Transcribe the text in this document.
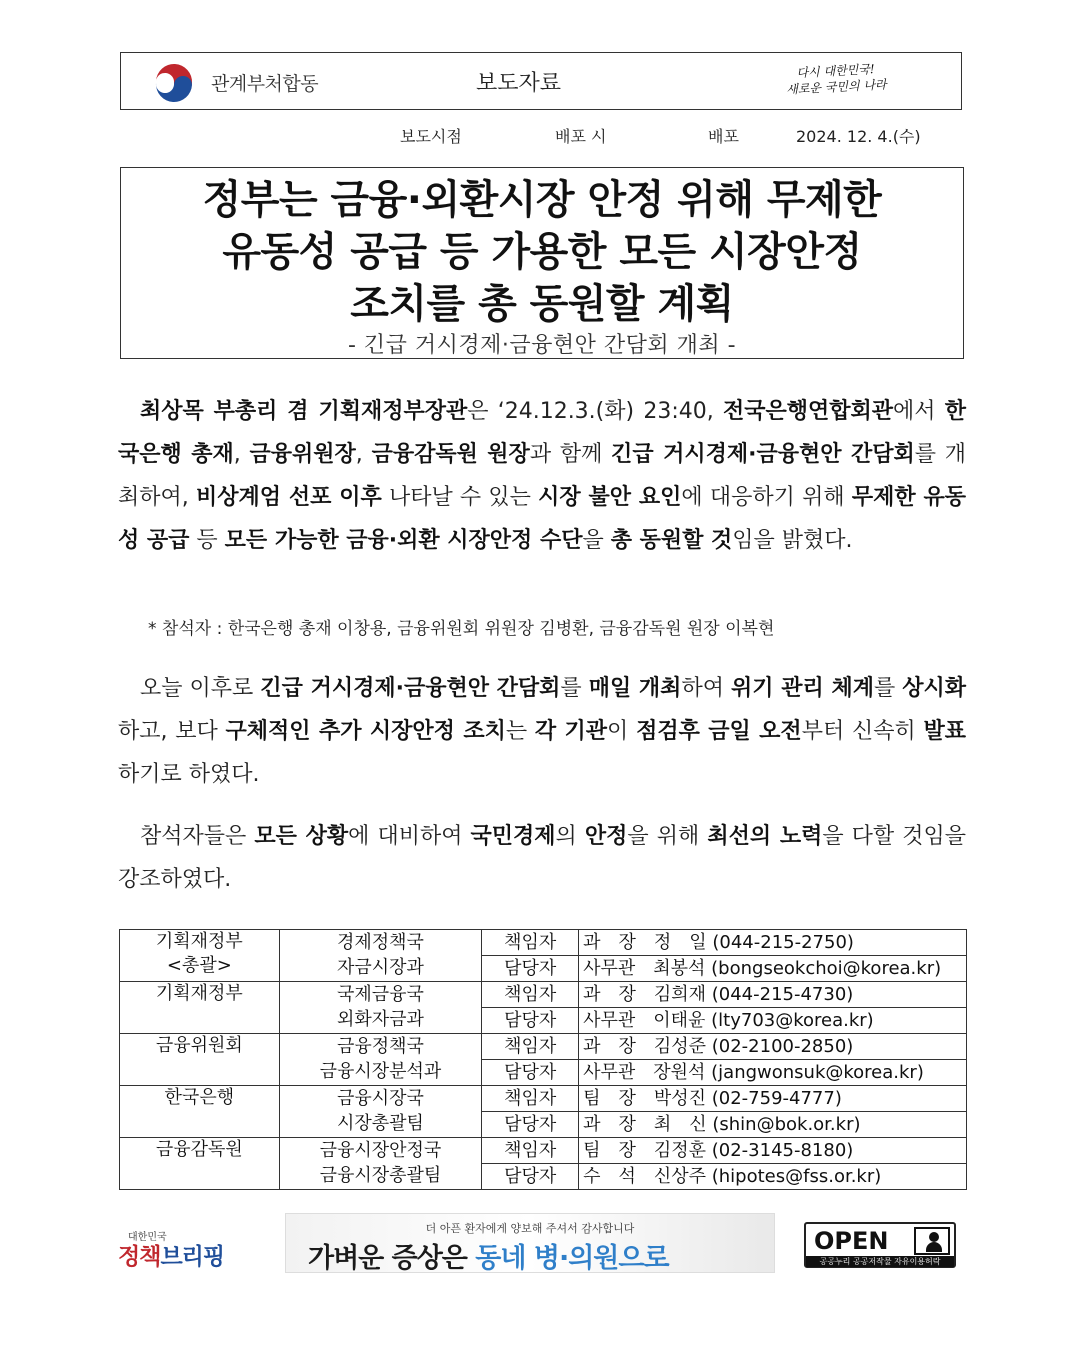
관계부처합동	보도자료	다시 대한민국!
새로운 국민의 나라
보도시점	배포 시	배포	2024. 12. 4.(수)
정부는 금융·외환시장 안정 위해 무제한
유동성 공급 등 가용한 모든 시장안정
조치를 총 동원할 계획
- 긴급 거시경제·금융현안 간담회 개최 -
최상목 부총리 겸 기획재정부장관은 ‘24.12.3.(화) 23:40, 전국은행연합회관에서 한국은행 총재, 금융위원장, 금융감독원 원장과 함께 긴급 거시경제·금융현안 간담회를 개최하여, 비상계엄 선포 이후 나타날 수 있는 시장 불안 요인에 대응하기 위해 무제한 유동성 공급 등 모든 가능한 금융·외환 시장안정 수단을 총 동원할 것임을 밝혔다.
* 참석자 : 한국은행 총재 이창용, 금융위원회 위원장 김병환, 금융감독원 원장 이복현
오늘 이후로 긴급 거시경제·금융현안 간담회를 매일 개최하여 위기 관리 체계를 상시화하고, 보다 구체적인 추가 시장안정 조치는 각 기관이 점검후 금일 오전부터 신속히 발표하기로 하였다.
참석자들은 모든 상황에 대비하여 국민경제의 안정을 위해 최선의 노력을 다할 것임을 강조하였다.
기획재정부
<총괄>	경제정책국	책임자	과　장　정　일 (044-215-2750)
	자금시장과	담당자	사무관　최봉석 (bongseokchoi@korea.kr)

기획재정부	국제금융국	책임자	과　장　김희재 (044-215-4730)
	외화자금과	담당자	사무관　이태윤 (lty703@korea.kr)

금융위원회	금융정책국	책임자	과　장　김성준 (02-2100-2850)
	금융시장분석과	담당자	사무관　장원석 (jangwonsuk@korea.kr)

한국은행	금융시장국	책임자	팀　장　박성진 (02-759-4777)
	시장총괄팀	담당자	과　장　최　신 (shin@bok.or.kr)

금융감독원	금융시장안정국	책임자	팀　장　김정훈 (02-3145-8180)
	금융시장총괄팀	담당자	수　석　신상주 (hipotes@fss.or.kr)
대한민국
정책브리핑
더 아픈 환자에게 양보해 주셔서 감사합니다
가벼운 증상은 동네 병·의원으로
OPEN
공공누리 공공저작물 자유이용허락
